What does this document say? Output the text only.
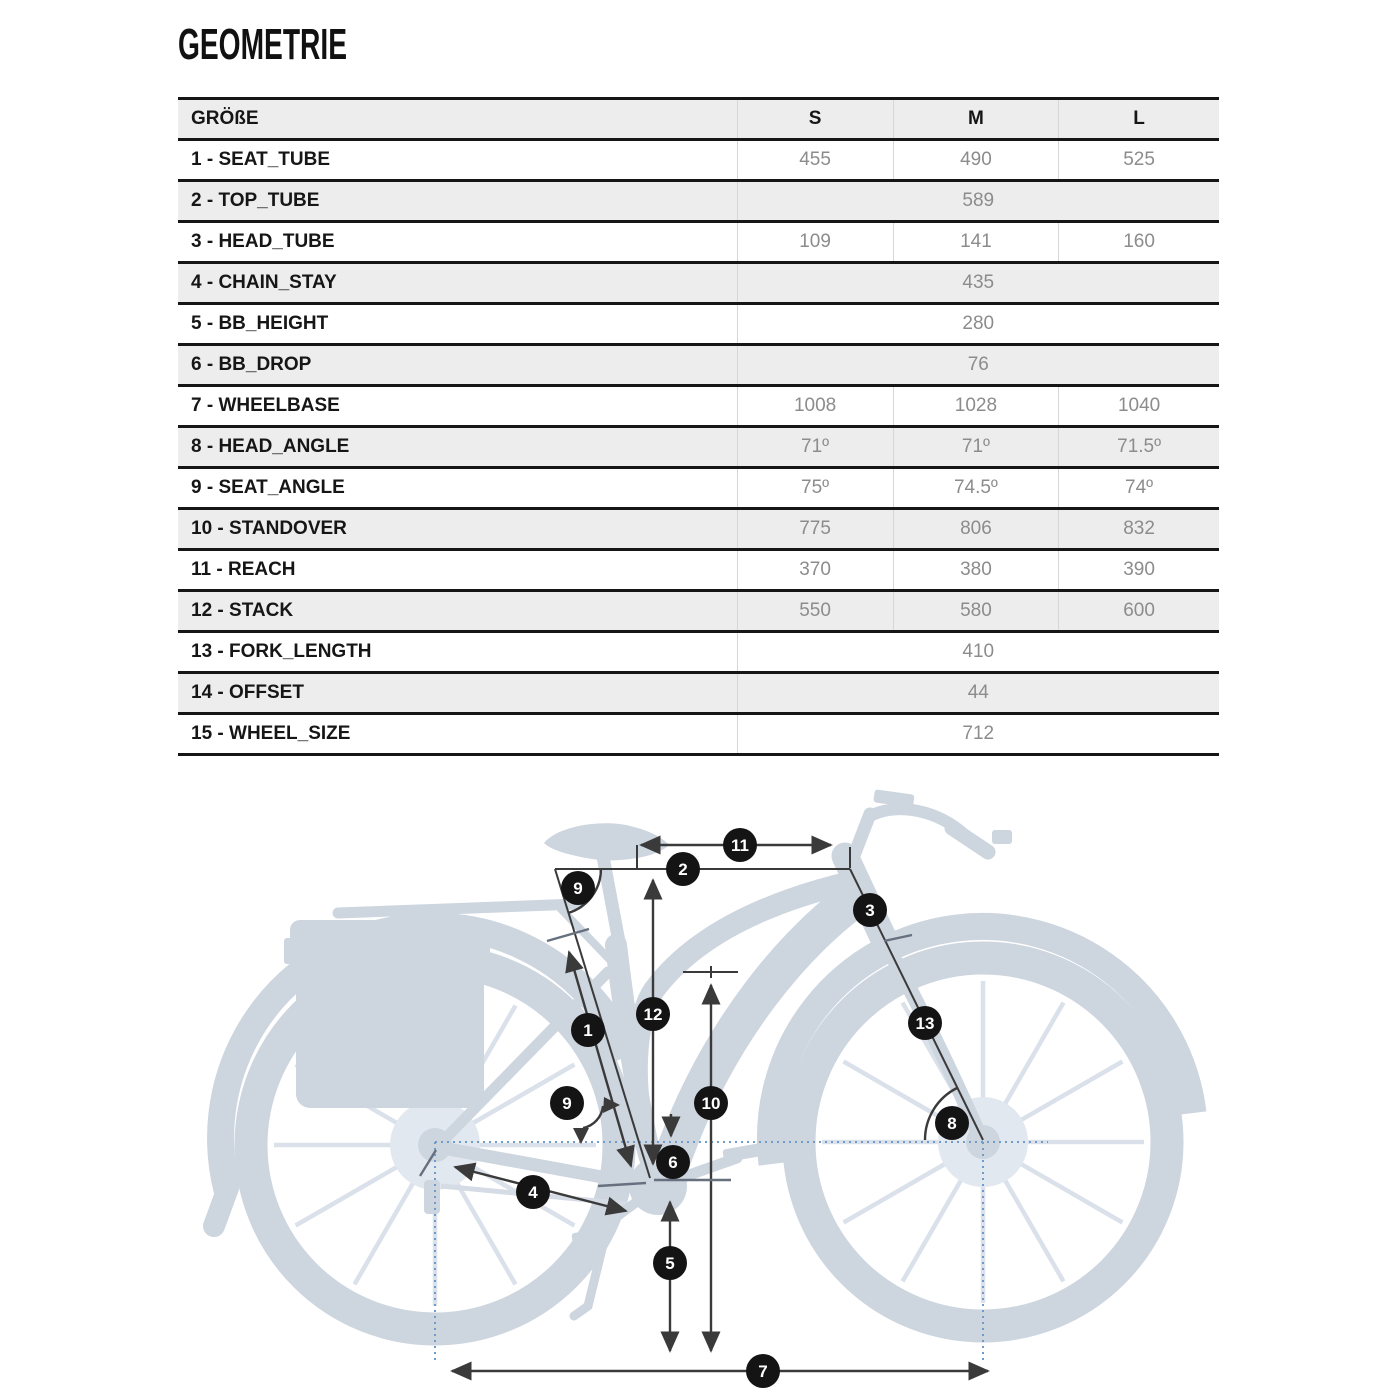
GEOMETRIE
GRÖßE	S	M	L
1 - SEAT_TUBE	455	490	525
2 - TOP_TUBE	589		
3 - HEAD_TUBE	109	141	160
4 - CHAIN_STAY	435		
5 - BB_HEIGHT	280		
6 - BB_DROP	76		
7 - WHEELBASE	1008	1028	1040
8 - HEAD_ANGLE	71º	71º	71.5º
9 - SEAT_ANGLE	75º	74.5º	74º
10 - STANDOVER	775	806	832
11 - REACH	370	380	390
12 - STACK	550	580	600
13 - FORK_LENGTH	410		
14 - OFFSET	44		
15 - WHEEL_SIZE	712		
1
2
3
4
5
6
7
8
9
9	10
11
12	13
